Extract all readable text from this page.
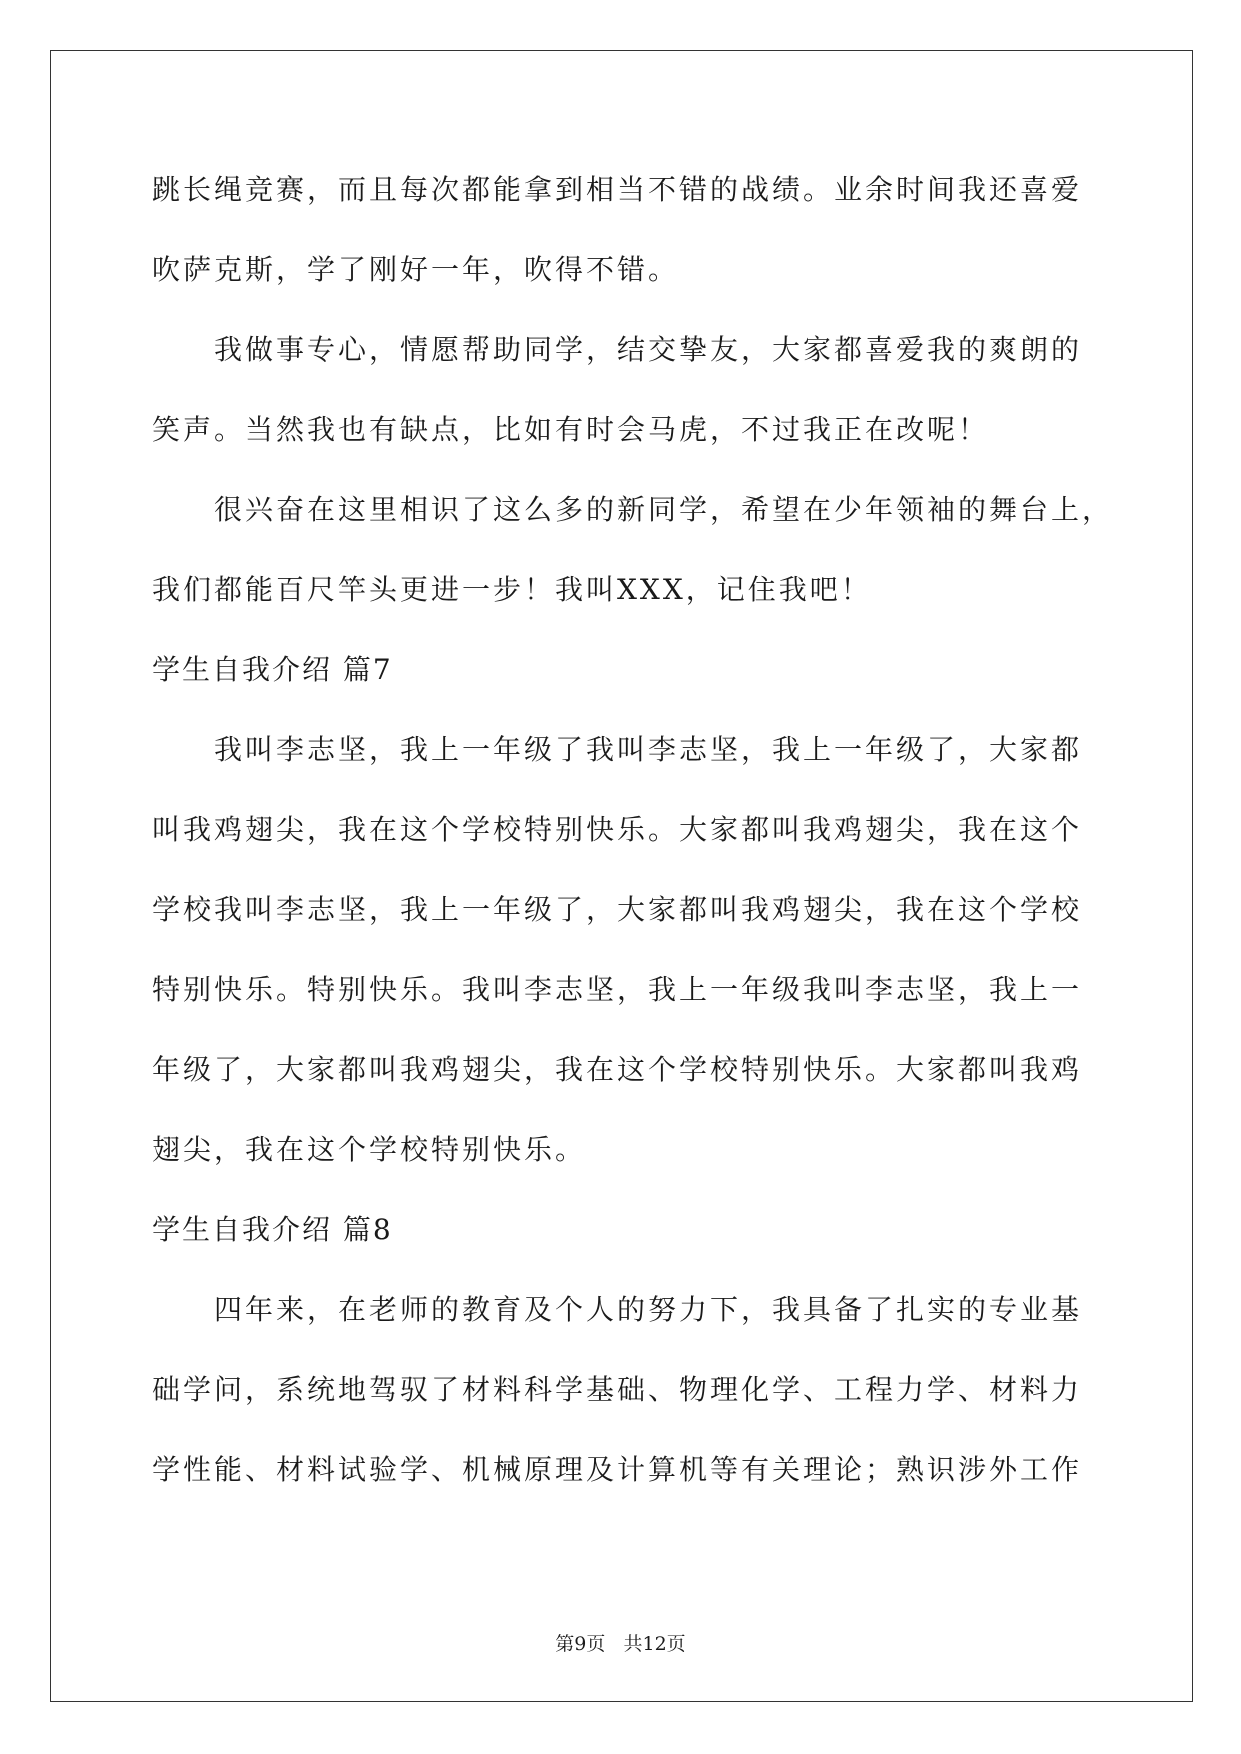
跳长绳竞赛，而且每次都能拿到相当不错的战绩。业余时间我还喜爱
吹萨克斯，学了刚好一年，吹得不错。
　　我做事专心，情愿帮助同学，结交挚友，大家都喜爱我的爽朗的
笑声。当然我也有缺点，比如有时会马虎，不过我正在改呢！
　　很兴奋在这里相识了这么多的新同学，希望在少年领袖的舞台上，
我们都能百尺竿头更进一步！我叫XXX，记住我吧！
学生自我介绍 篇7
　　我叫李志坚，我上一年级了我叫李志坚，我上一年级了，大家都
叫我鸡翅尖，我在这个学校特别快乐。大家都叫我鸡翅尖，我在这个
学校我叫李志坚，我上一年级了，大家都叫我鸡翅尖，我在这个学校
特别快乐。特别快乐。我叫李志坚，我上一年级我叫李志坚，我上一
年级了，大家都叫我鸡翅尖，我在这个学校特别快乐。大家都叫我鸡
翅尖，我在这个学校特别快乐。
学生自我介绍 篇8
　　四年来，在老师的教育及个人的努力下，我具备了扎实的专业基
础学问，系统地驾驭了材料科学基础、物理化学、工程力学、材料力
学性能、材料试验学、机械原理及计算机等有关理论；熟识涉外工作
第9页   共12页
